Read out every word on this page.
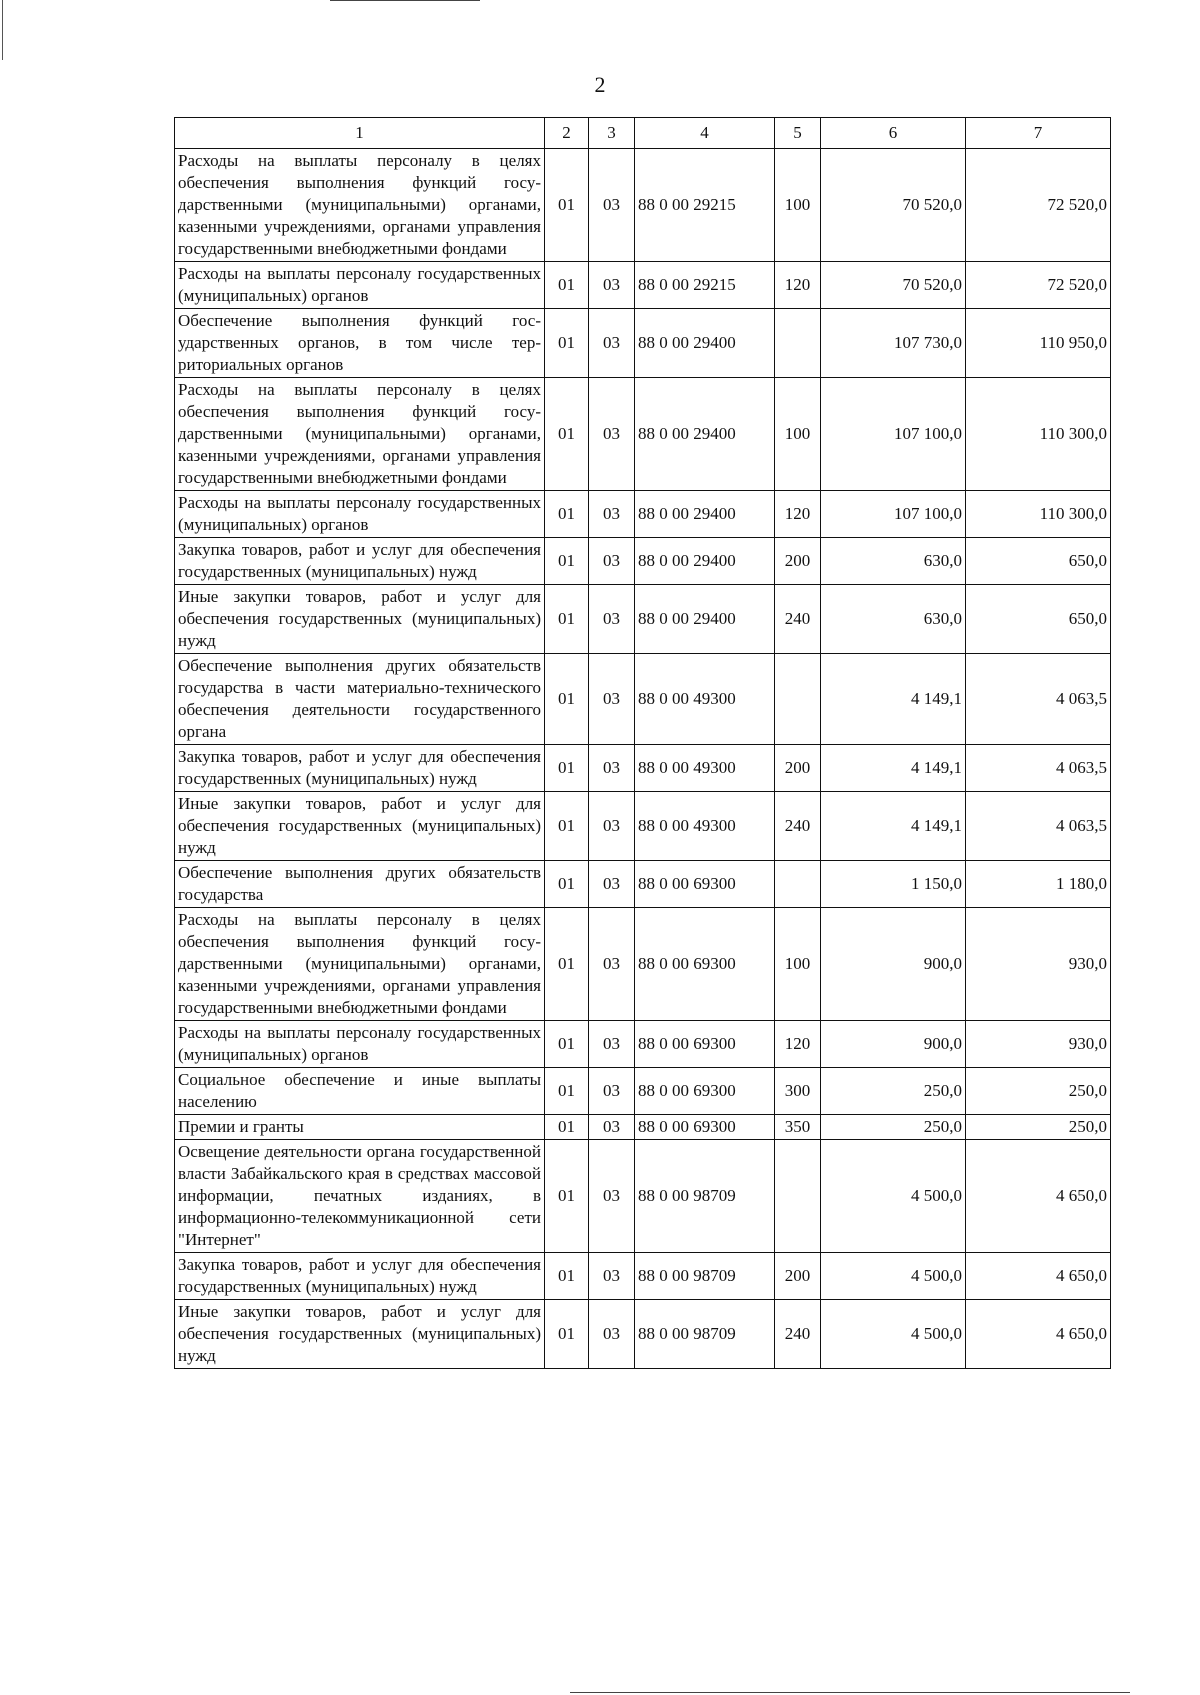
2
1	2	3	4	5	6	7
Расходы на выплаты персоналу в целях обеспечения выполнения функций государственными (муниципальными) органами, казенными учреждениями, органами управления государственными внебюджетными фондами	01	03	88 0 00 29215	100	70 520,0	72 520,0
Расходы на выплаты персоналу государственных (муниципальных) органов	01	03	88 0 00 29215	120	70 520,0	72 520,0
Обеспечение выполнения функций государственных органов, в том числе территориальных органов	01	03	88 0 00 29400		107 730,0	110 950,0
Расходы на выплаты персоналу в целях обеспечения выполнения функций государственными (муниципальными) органами, казенными учреждениями, органами управления государственными внебюджетными фондами	01	03	88 0 00 29400	100	107 100,0	110 300,0
Расходы на выплаты персоналу государственных (муниципальных) органов	01	03	88 0 00 29400	120	107 100,0	110 300,0
Закупка товаров, работ и услуг для обеспечения государственных (муниципальных) нужд	01	03	88 0 00 29400	200	630,0	650,0
Иные закупки товаров, работ и услуг для обеспечения государственных (муниципальных) нужд	01	03	88 0 00 29400	240	630,0	650,0
Обеспечение выполнения других обязательств государства в части материально-технического обеспечения деятельности государственного органа	01	03	88 0 00 49300		4 149,1	4 063,5
Закупка товаров, работ и услуг для обеспечения государственных (муниципальных) нужд	01	03	88 0 00 49300	200	4 149,1	4 063,5
Иные закупки товаров, работ и услуг для обеспечения государственных (муниципальных) нужд	01	03	88 0 00 49300	240	4 149,1	4 063,5
Обеспечение выполнения других обязательств государства	01	03	88 0 00 69300		1 150,0	1 180,0
Расходы на выплаты персоналу в целях обеспечения выполнения функций государственными (муниципальными) органами, казенными учреждениями, органами управления государственными внебюджетными фондами	01	03	88 0 00 69300	100	900,0	930,0
Расходы на выплаты персоналу государственных (муниципальных) органов	01	03	88 0 00 69300	120	900,0	930,0
Социальное обеспечение и иные выплаты населению	01	03	88 0 00 69300	300	250,0	250,0
Премии и гранты	01	03	88 0 00 69300	350	250,0	250,0
Освещение деятельности органа государственной власти Забайкальского края в средствах массовой информации, печатных изданиях, в информационно-телекоммуникационной сети "Интернет"	01	03	88 0 00 98709		4 500,0	4 650,0
Закупка товаров, работ и услуг для обеспечения государственных (муниципальных) нужд	01	03	88 0 00 98709	200	4 500,0	4 650,0
Иные закупки товаров, работ и услуг для обеспечения государственных (муниципальных) нужд	01	03	88 0 00 98709	240	4 500,0	4 650,0
